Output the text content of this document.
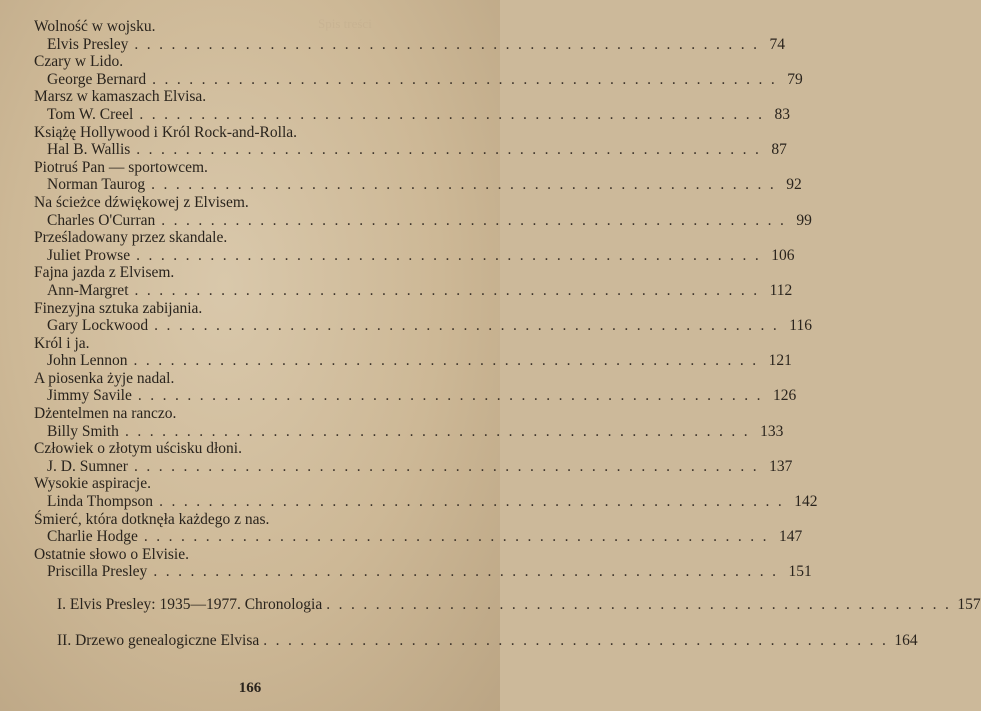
Spis treści
Wolność w wojsku.
Elvis Presley ................................................... 74
Czary w Lido.
George Bernard ................................................... 79
Marsz w kamaszach Elvisa.
Tom W. Creel ................................................... 83
Książę Hollywood i Król Rock-and-Rolla.
Hal B. Wallis ................................................... 87
Piotruś Pan — sportowcem.
Norman Taurog ................................................... 92
Na ścieżce dźwiękowej z Elvisem.
Charles O'Curran ................................................... 99
Prześladowany przez skandale.
Juliet Prowse ................................................... 106
Fajna jazda z Elvisem.
Ann-Margret ................................................... 112
Finezyjna sztuka zabijania.
Gary Lockwood ................................................... 116
Król i ja.
John Lennon ................................................... 121
A piosenka żyje nadal.
Jimmy Savile ................................................... 126
Dżentelmen na ranczo.
Billy Smith ................................................... 133
Człowiek o złotym uścisku dłoni.
J. D. Sumner ................................................... 137
Wysokie aspiracje.
Linda Thompson ................................................... 142
Śmierć, która dotknęła każdego z nas.
Charlie Hodge ................................................... 147
Ostatnie słowo o Elvisie.
Priscilla Presley ................................................... 151
I. Elvis Presley: 1935—1977. Chronologia ................................................... 157
II. Drzewo genealogiczne Elvisa ................................................... 164
166
